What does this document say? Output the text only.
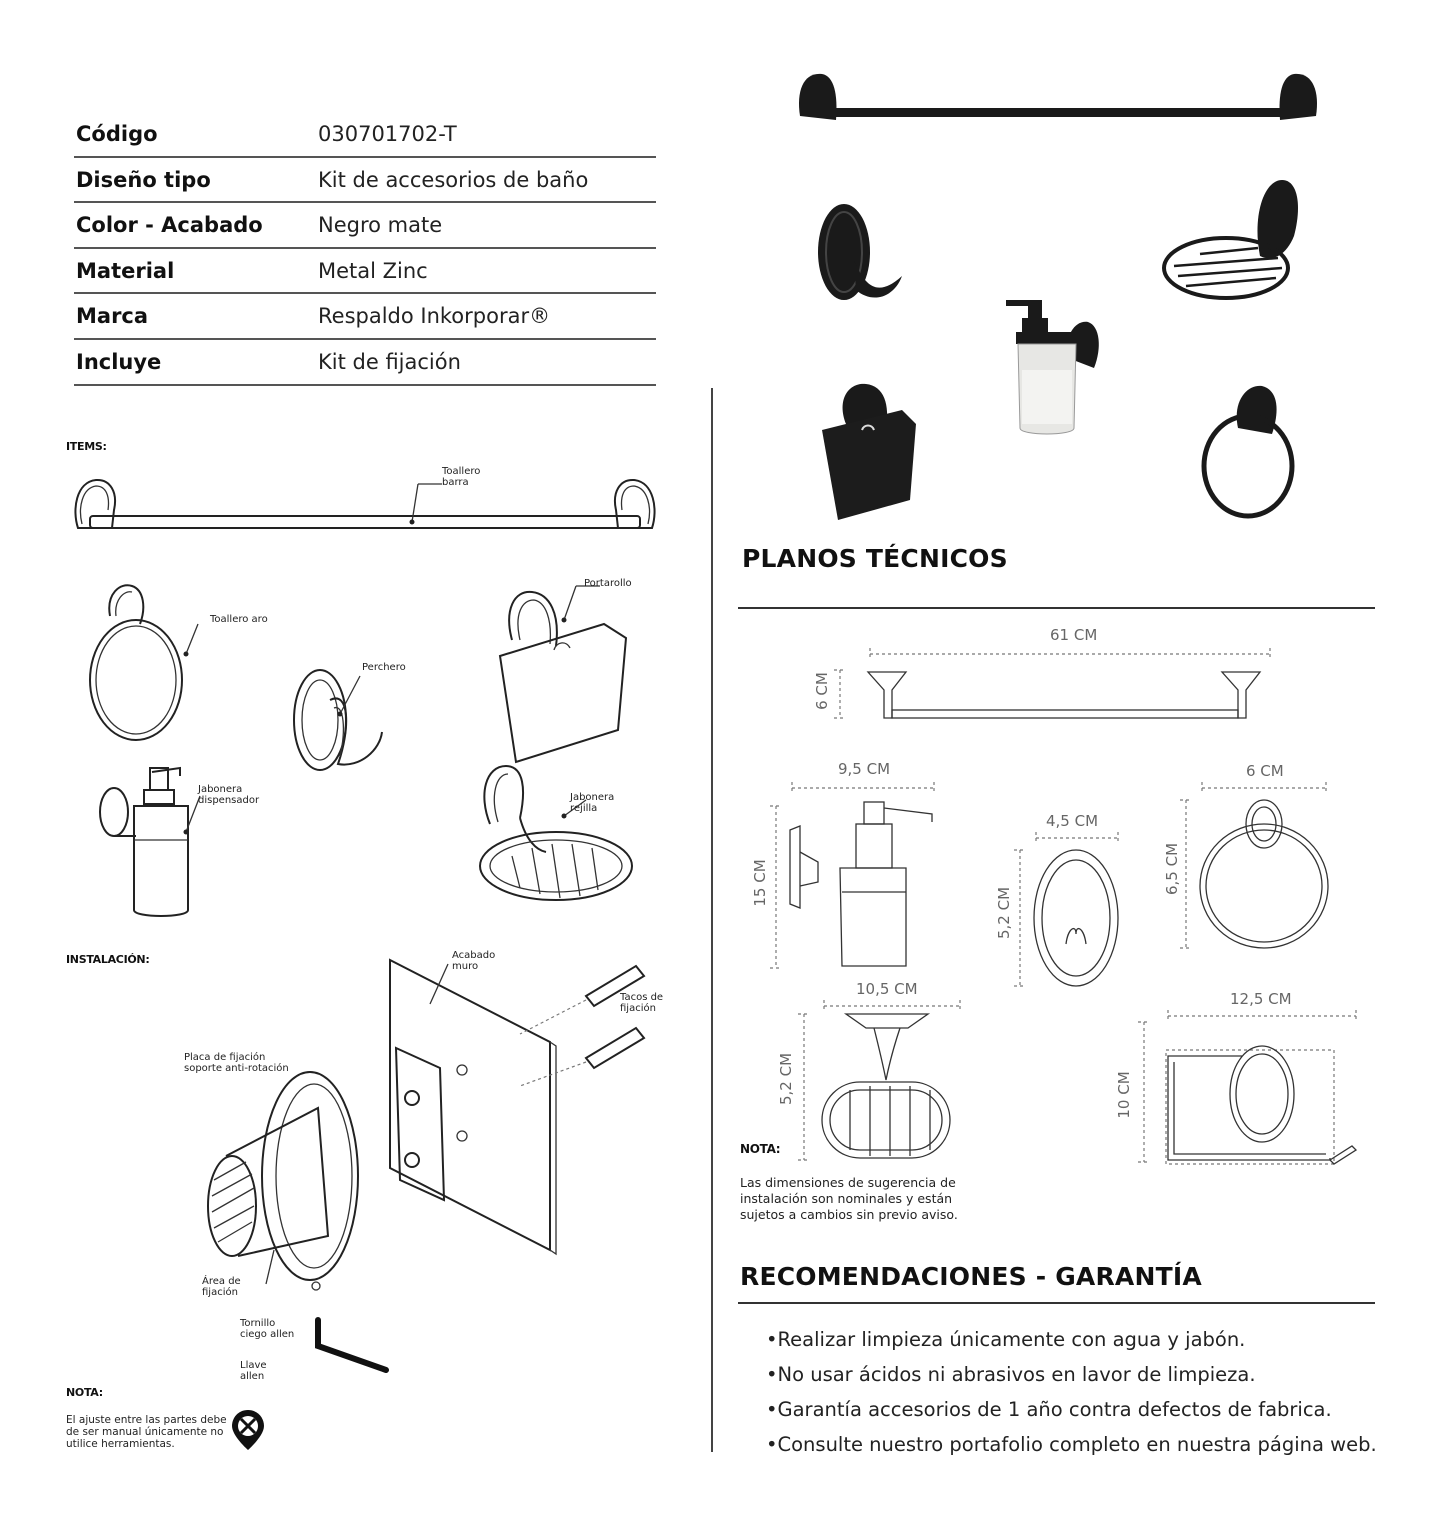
Código	030701702-T
Diseño tipo	Kit de accesorios de baño
Color - Acabado	Negro mate
Material	Metal Zinc
Marca	Respaldo Inkorporar®
Incluye	Kit de fijación
ITEMS:
Toallero barra
Toallero aro
Perchero
Portarollo
Jabonera dispensador	Jabonera rejilla
INSTALACIÓN:	Acabado muro
Tacos de fijación
Placa de fijación soporte anti-rotación
Área de fijación
Tornillo ciego allen
Llave allen
NOTA:
El ajuste entre las partes debe de ser manual únicamente no utilice herramientas.
PLANOS TÉCNICOS
61 CM
6 CM
9,5 CM
15 CM
4,5 CM
5,2 CM
6 CM
6,5 CM
10,5 CM
5,2 CM
12,5 CM
10 CM
NOTA:
Las dimensiones de sugerencia de instalación son nominales y están sujetos a cambios sin previo aviso.
RECOMENDACIONES - GARANTÍA
•Realizar limpieza únicamente con agua y jabón.
•No usar ácidos ni abrasivos en lavor de limpieza.
•Garantía accesorios de 1 año contra defectos de fabrica.
•Consulte nuestro portafolio completo en nuestra página web.
